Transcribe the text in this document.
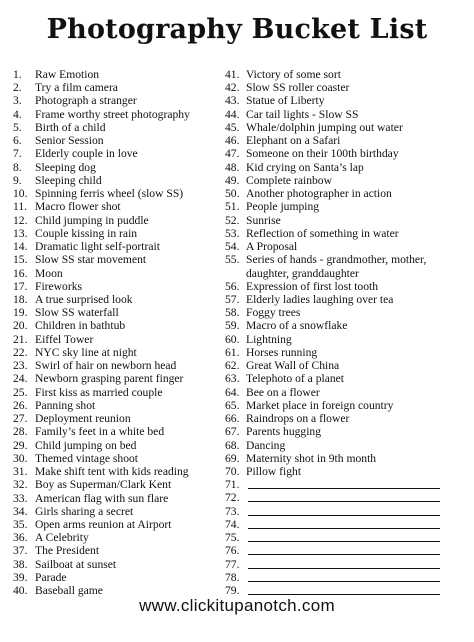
Photography Bucket List
1.	Raw Emotion
2.	Try a film camera
3.	Photograph a stranger
4.	Frame worthy street photography
5.	Birth of a child
6.	Senior Session
7.	Elderly couple in love
8.	Sleeping dog
9.	Sleeping child
10. Spinning ferris wheel (slow SS)
11. Macro flower shot
12. Child jumping in puddle
13. Couple kissing in rain
14. Dramatic light self-portrait
15. Slow SS star movement
16. Moon
17. Fireworks
18. A true surprised look
19. Slow SS waterfall
20. Children in bathtub
21. Eiffel Tower
22. NYC sky line at night
23. Swirl of hair on newborn head
24. Newborn grasping parent finger
25. First kiss as married couple
26. Panning shot
27. Deployment reunion
28. Family’s feet in a white bed
29. Child jumping on bed
30. Themed vintage shoot
31. Make shift tent with kids reading
32. Boy as Superman/Clark Kent
33. American flag with sun flare
34. Girls sharing a secret
35. Open arms reunion at Airport
36. A Celebrity
37. The President
38. Sailboat at sunset
39. Parade
40. Baseball game
41. Victory of some sort
42. Slow SS roller coaster
43. Statue of Liberty
44. Car tail lights - Slow SS
45. Whale/dolphin jumping out water
46. Elephant on a Safari
47. Someone on their 100th birthday
48. Kid crying on Santa’s lap
49. Complete rainbow
50. Another photographer in action
51. People jumping
52. Sunrise
53. Reflection of something in water
54. A Proposal
55. Series of hands - grandmother, mother, daughter, granddaughter
56. Expression of first lost tooth
57. Elderly ladies laughing over tea
58. Foggy trees
59. Macro of a snowflake
60. Lightning
61. Horses running
62. Great Wall of China
63. Telephoto of a planet
64. Bee on a flower
65. Market place in foreign country
66. Raindrops on a flower
67. Parents hugging
68. Dancing
69. Maternity shot in 9th month
70. Pillow fight
71.
72.
73.
74.
75.
76.
77.
78.
79.
www.clickitupanotch.com
